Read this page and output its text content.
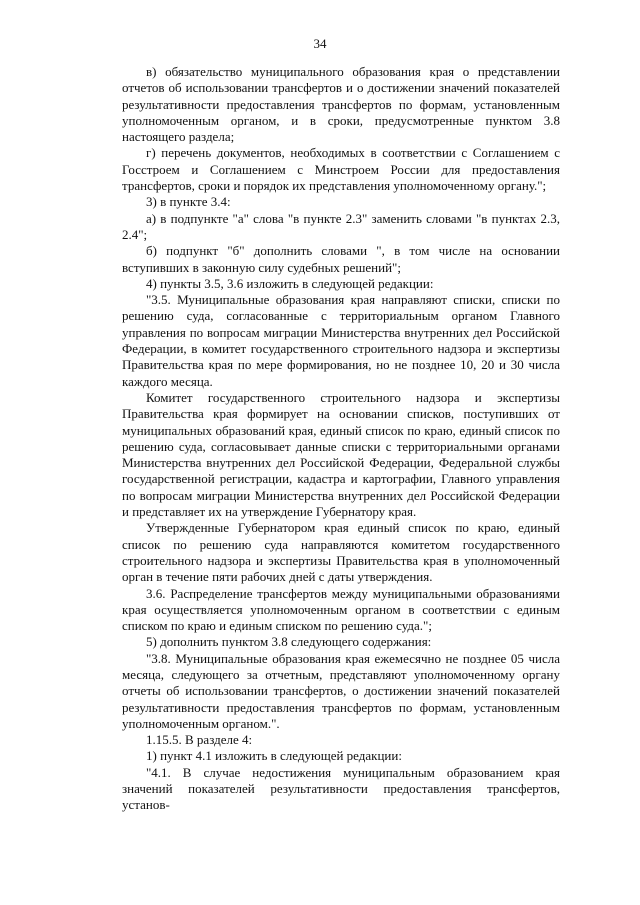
34

в) обязательство муниципального образования края о представлении отчетов об использовании трансфертов и о достижении значений показателей результативности предоставления трансфертов по формам, установленным уполномоченным органом, и в сроки, предусмотренные пунктом 3.8 настоящего раздела;

г) перечень документов, необходимых в соответствии с Соглашением с Госстроем и Соглашением с Минстроем России для предоставления трансфертов, сроки и порядок их представления уполномоченному органу.";

3) в пункте 3.4:

а) в подпункте "а" слова "в пункте 2.3" заменить словами "в пунктах 2.3, 2.4";

б) подпункт "б" дополнить словами ", в том числе на основании вступивших в законную силу судебных решений";

4) пункты 3.5, 3.6 изложить в следующей редакции:

"3.5. Муниципальные образования края направляют списки, списки по решению суда, согласованные с территориальным органом Главного управления по вопросам миграции Министерства внутренних дел Российской Федерации, в комитет государственного строительного надзора и экспертизы Правительства края по мере формирования, но не позднее 10, 20 и 30 числа каждого месяца.

Комитет государственного строительного надзора и экспертизы Правительства края формирует на основании списков, поступивших от муниципальных образований края, единый список по краю, единый список по решению суда, согласовывает данные списки с территориальными органами Министерства внутренних дел Российской Федерации, Федеральной службы государственной регистрации, кадастра и картографии, Главного управления по вопросам миграции Министерства внутренних дел Российской Федерации и представляет их на утверждение Губернатору края.

Утвержденные Губернатором края единый список по краю, единый список по решению суда направляются комитетом государственного строительного надзора и экспертизы Правительства края в уполномоченный орган в течение пяти рабочих дней с даты утверждения.

3.6. Распределение трансфертов между муниципальными образованиями края осуществляется уполномоченным органом в соответствии с единым списком по краю и единым списком по решению суда.";

5) дополнить пунктом 3.8 следующего содержания:

"3.8. Муниципальные образования края ежемесячно не позднее 05 числа месяца, следующего за отчетным, представляют уполномоченному органу отчеты об использовании трансфертов, о достижении значений показателей результативности предоставления трансфертов по формам, установленным уполномоченным органом.".

1.15.5. В разделе 4:

1) пункт 4.1 изложить в следующей редакции:

"4.1. В случае недостижения муниципальным образованием края значений показателей результативности предоставления трансфертов, установ-
